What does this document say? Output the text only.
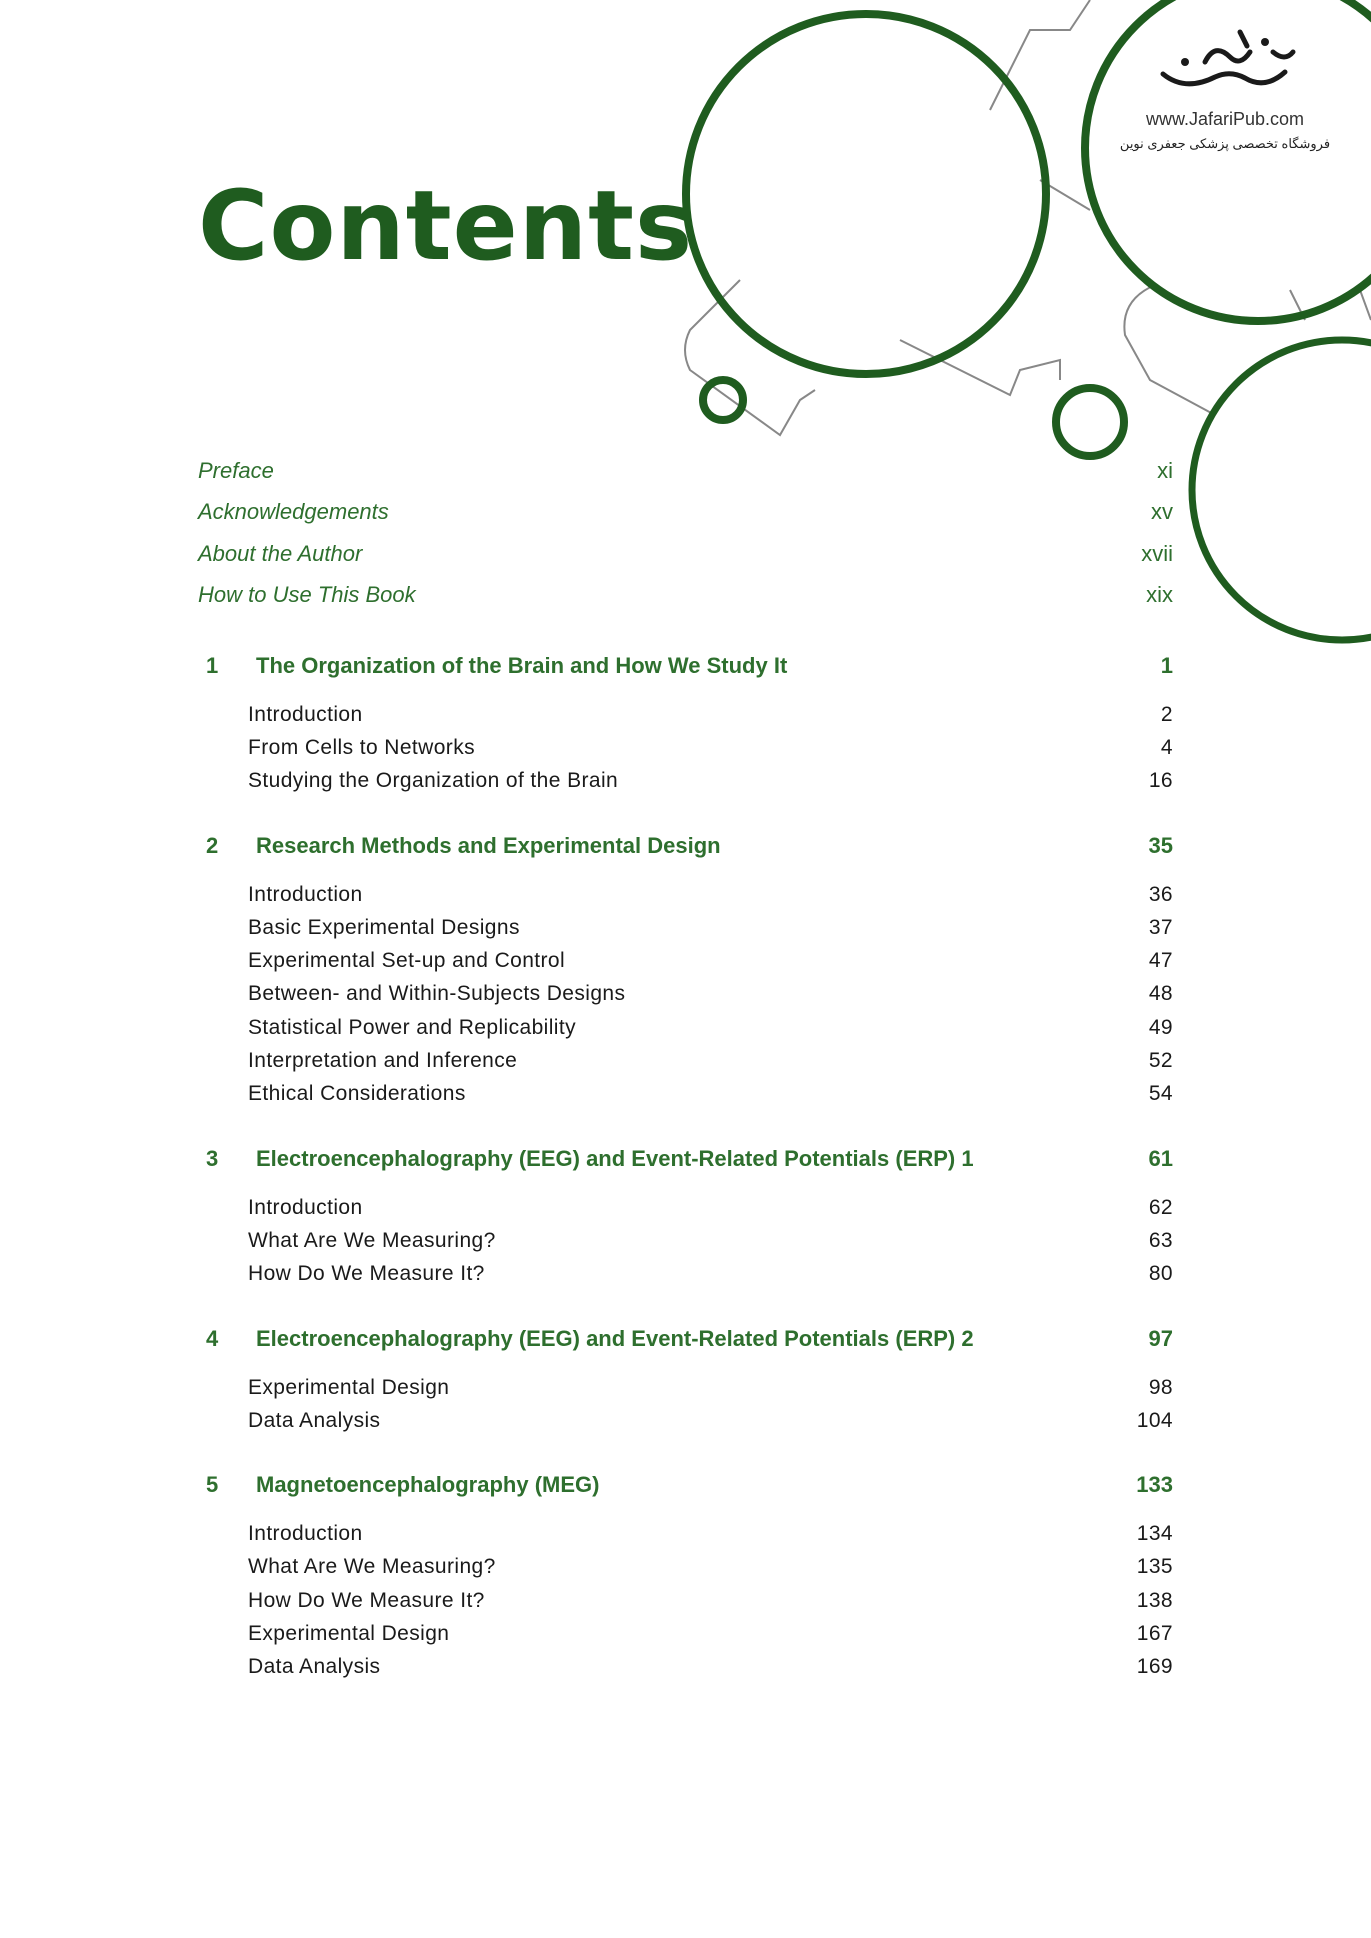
www.JafariPub.com
فروشگاه تخصصی پزشکی جعفری نوین
Contents
Preface	xi
Acknowledgements	xv
About the Author	xvii
How to Use This Book	xix
1	The Organization of the Brain and How We Study It	1
Introduction	2
From Cells to Networks	4
Studying the Organization of the Brain	16
2	Research Methods and Experimental Design	35
Introduction	36
Basic Experimental Designs	37
Experimental Set-up and Control	47
Between- and Within-Subjects Designs	48
Statistical Power and Replicability	49
Interpretation and Inference	52
Ethical Considerations	54
3	Electroencephalography (EEG) and Event-Related Potentials (ERP) 1	61
Introduction	62
What Are We Measuring?	63
How Do We Measure It?	80
4	Electroencephalography (EEG) and Event-Related Potentials (ERP) 2	97
Experimental Design	98
Data Analysis	104
5	Magnetoencephalography (MEG)	133
Introduction	134
What Are We Measuring?	135
How Do We Measure It?	138
Experimental Design	167
Data Analysis	169
